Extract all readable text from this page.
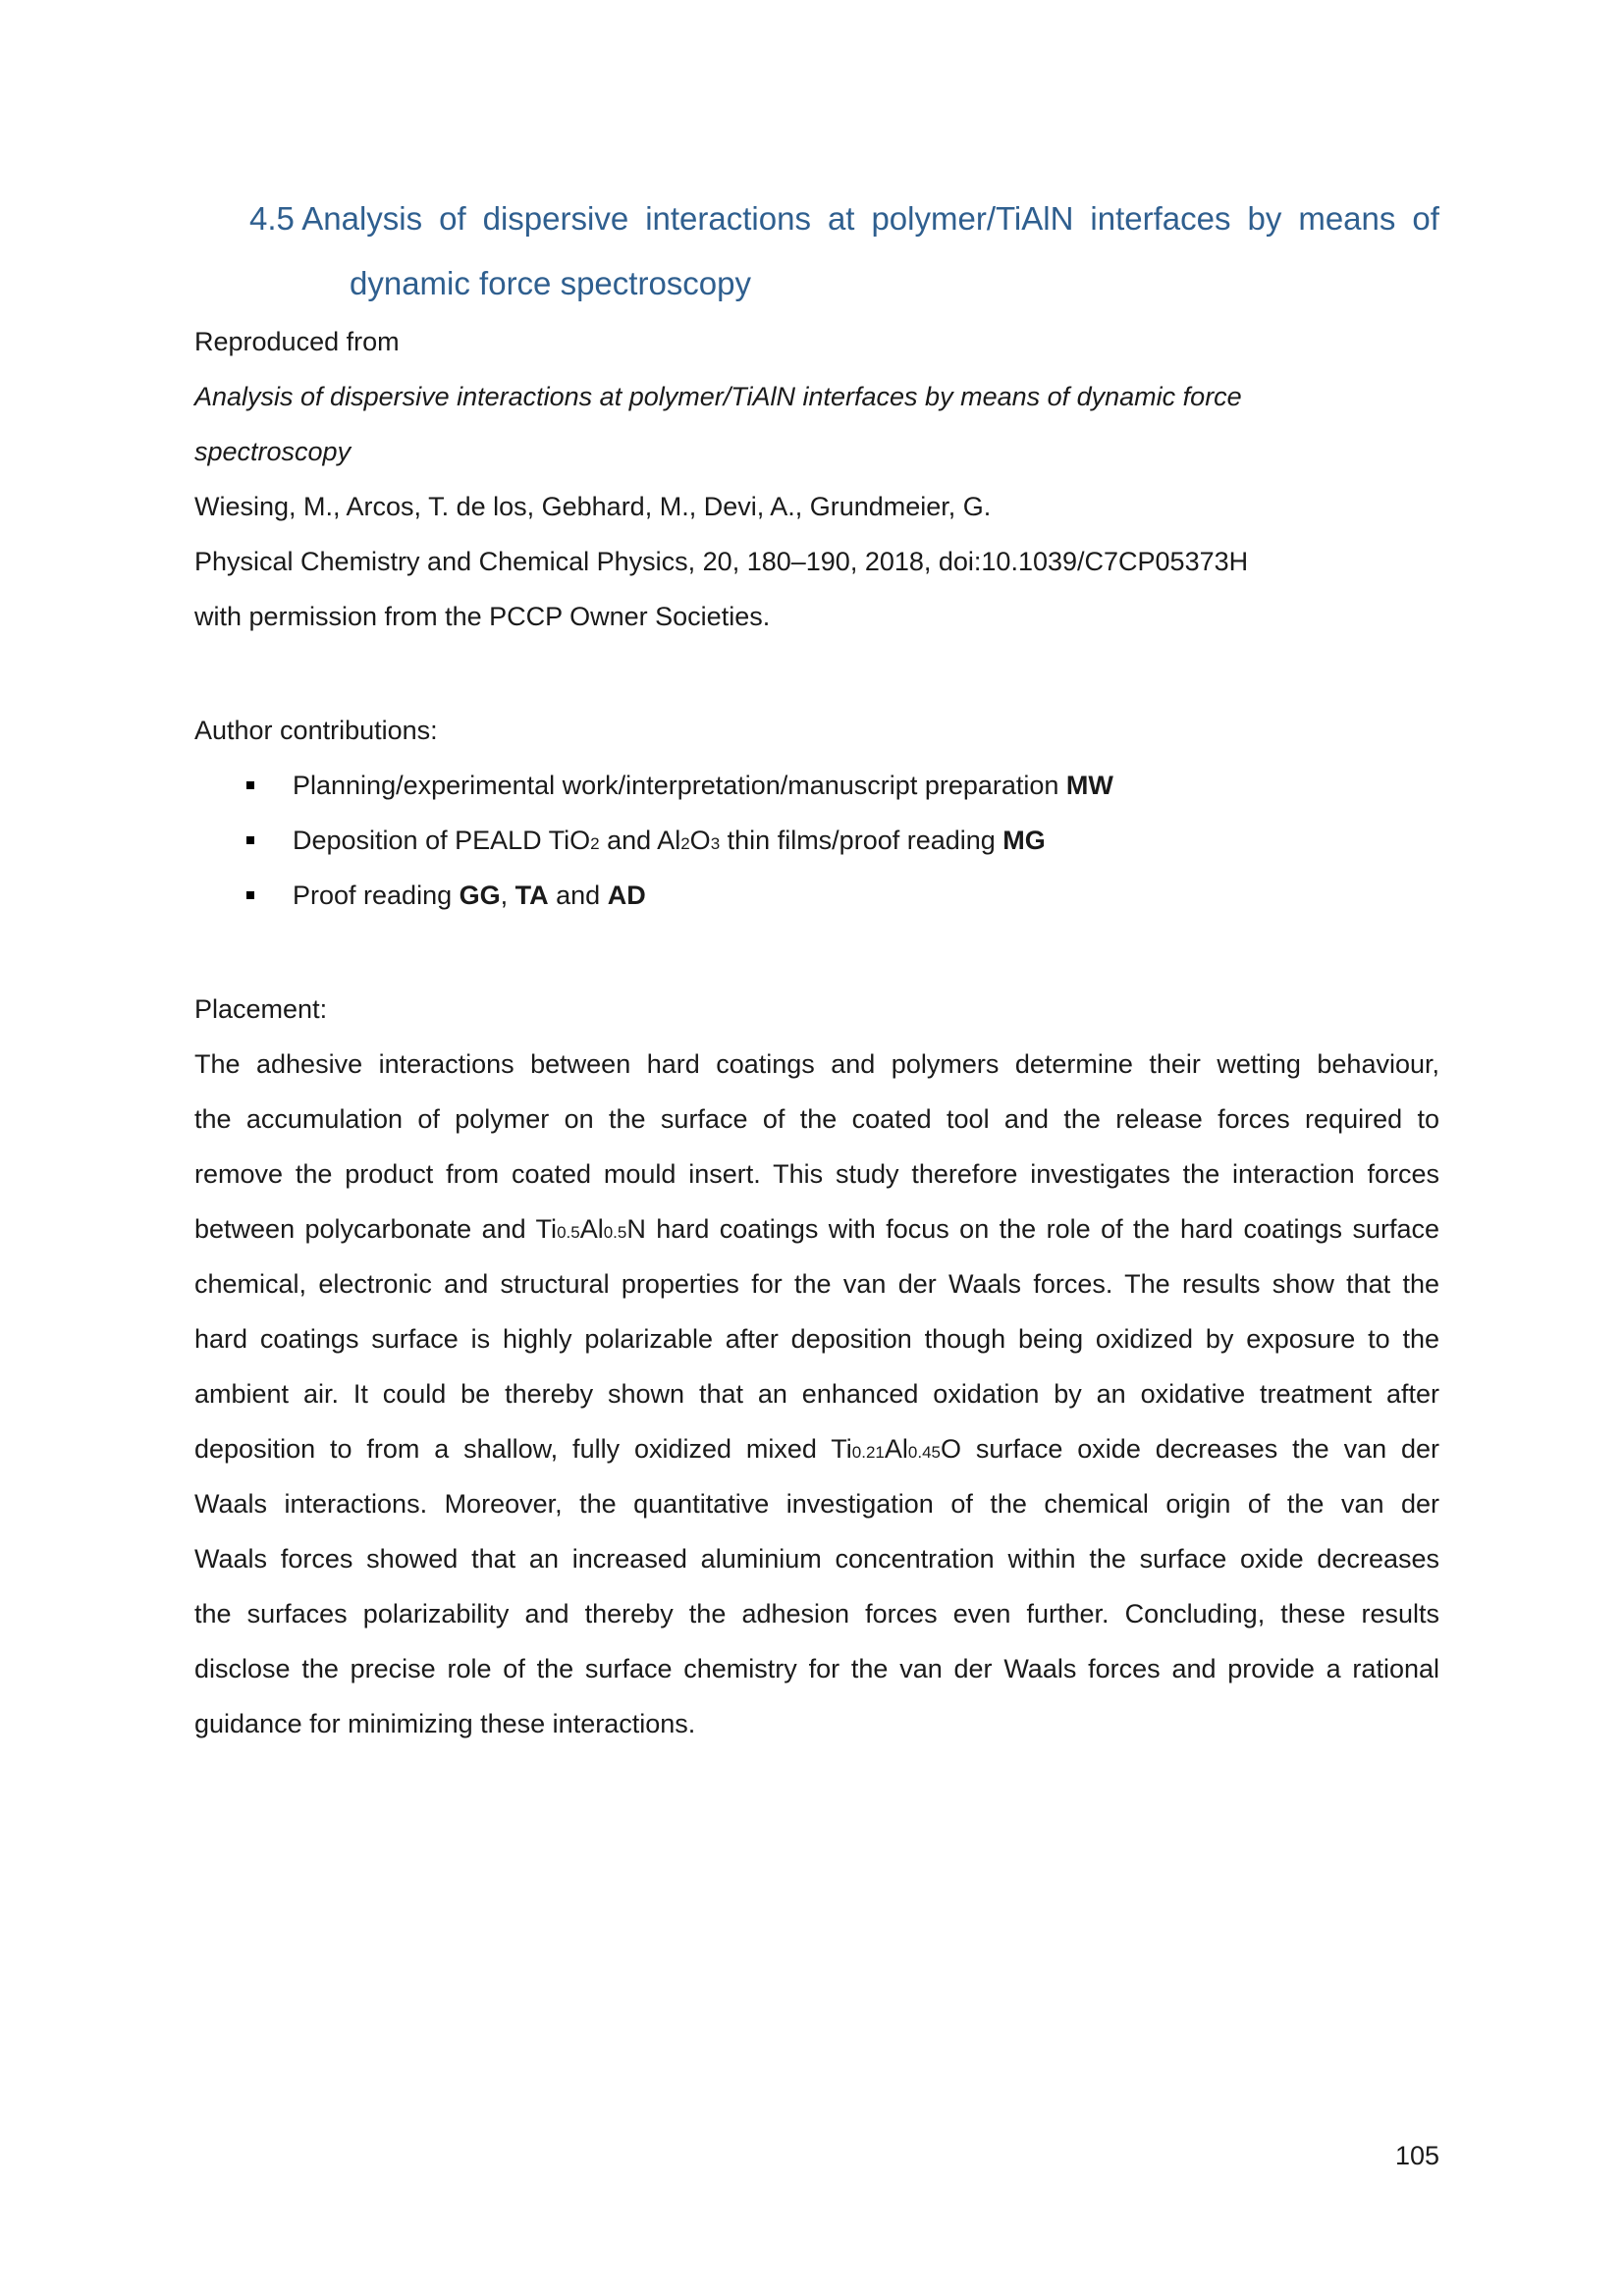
4.5 Analysis of dispersive interactions at polymer/TiAlN interfaces by means of
dynamic force spectroscopy
Reproduced from
Analysis of dispersive interactions at polymer/TiAlN interfaces by means of dynamic force
spectroscopy
Wiesing, M., Arcos, T. de los, Gebhard, M., Devi, A., Grundmeier, G.
Physical Chemistry and Chemical Physics, 20, 180–190, 2018, doi:10.1039/C7CP05373H
with permission from the PCCP Owner Societies.
Author contributions:
Planning/experimental work/interpretation/manuscript preparation MW
Deposition of PEALD TiO2 and Al2O3 thin films/proof reading MG
Proof reading GG, TA and AD
Placement:
The adhesive interactions between hard coatings and polymers determine their wetting behaviour,
the accumulation of polymer on the surface of the coated tool and the release forces required to
remove the product from coated mould insert. This study therefore investigates the interaction forces
between polycarbonate and Ti0.5Al0.5N hard coatings with focus on the role of the hard coatings surface
chemical, electronic and structural properties for the van der Waals forces. The results show that the
hard coatings surface is highly polarizable after deposition though being oxidized by exposure to the
ambient air. It could be thereby shown that an enhanced oxidation by an oxidative treatment after
deposition to from a shallow, fully oxidized mixed Ti0.21Al0.45O surface oxide decreases the van der
Waals interactions. Moreover, the quantitative investigation of the chemical origin of the van der
Waals forces showed that an increased aluminium concentration within the surface oxide decreases
the surfaces polarizability and thereby the adhesion forces even further. Concluding, these results
disclose the precise role of the surface chemistry for the van der Waals forces and provide a rational
guidance for minimizing these interactions.
105
